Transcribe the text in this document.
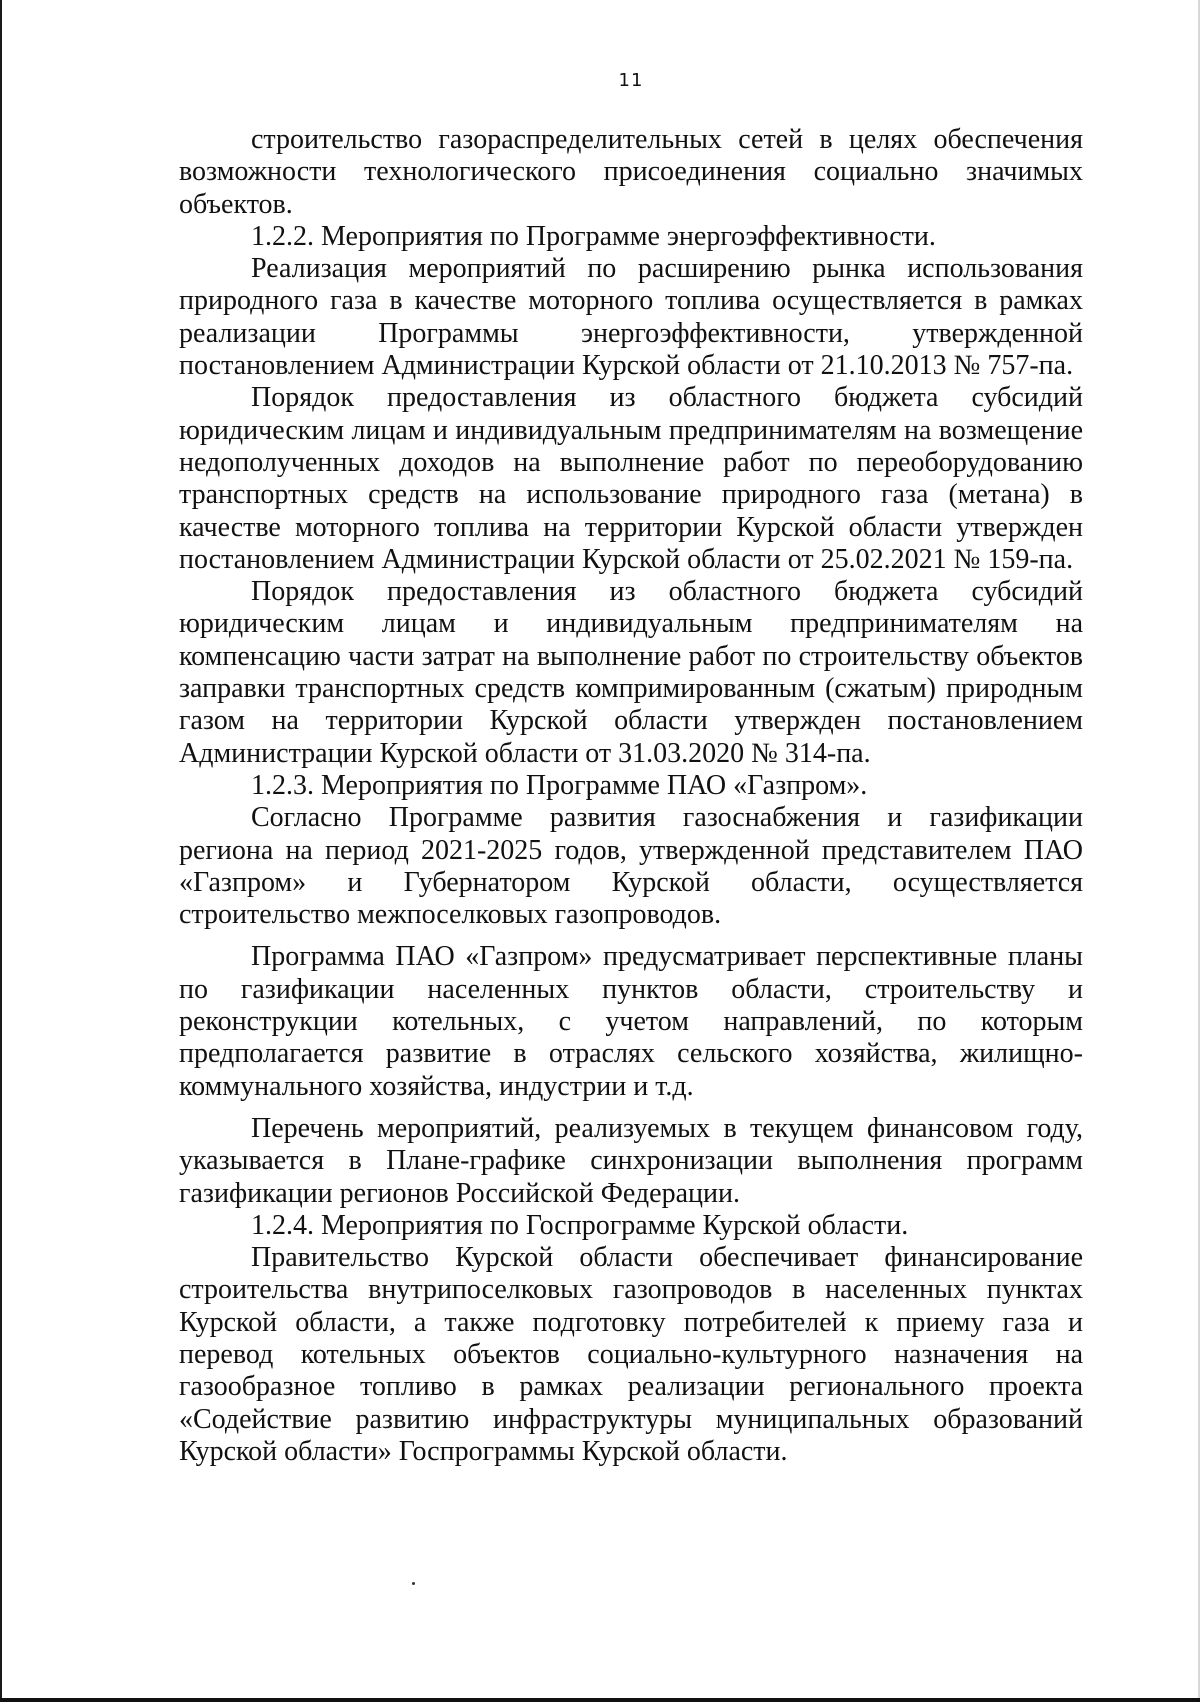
11

строительство газораспределительных сетей в целях обеспечения возможности технологического присоединения социально значимых объектов.

1.2.2. Мероприятия по Программе энергоэффективности.

Реализация мероприятий по расширению рынка использования природного газа в качестве моторного топлива осуществляется в рамках реализации Программы энергоэффективности, утвержденной постановлением Администрации Курской области от 21.10.2013 № 757-па.

Порядок предоставления из областного бюджета субсидий юридическим лицам и индивидуальным предпринимателям на возмещение недополученных доходов на выполнение работ по переоборудованию транспортных средств на использование природного газа (метана) в качестве моторного топлива на территории Курской области утвержден постановлением Администрации Курской области от 25.02.2021 № 159-па.

Порядок предоставления из областного бюджета субсидий юридическим лицам и индивидуальным предпринимателям на компенсацию части затрат на выполнение работ по строительству объектов заправки транспортных средств компримированным (сжатым) природным газом на территории Курской области утвержден постановлением Администрации Курской области от 31.03.2020 № 314-па.

1.2.3. Мероприятия по Программе ПАО «Газпром».

Согласно Программе развития газоснабжения и газификации региона на период 2021-2025 годов, утвержденной представителем ПАО «Газпром» и Губернатором Курской области, осуществляется строительство межпоселковых газопроводов.

Программа ПАО «Газпром» предусматривает перспективные планы по газификации населенных пунктов области, строительству и реконструкции котельных, с учетом направлений, по которым предполагается развитие в отраслях сельского хозяйства, жилищно-коммунального хозяйства, индустрии и т.д.

Перечень мероприятий, реализуемых в текущем финансовом году, указывается в Плане-графике синхронизации выполнения программ газификации регионов Российской Федерации.

1.2.4. Мероприятия по Госпрограмме Курской области.

Правительство Курской области обеспечивает финансирование строительства внутрипоселковых газопроводов в населенных пунктах Курской области, а также подготовку потребителей к приему газа и перевод котельных объектов социально-культурного назначения на газообразное топливо в рамках реализации регионального проекта «Содействие развитию инфраструктуры муниципальных образований Курской области» Госпрограммы Курской области.
